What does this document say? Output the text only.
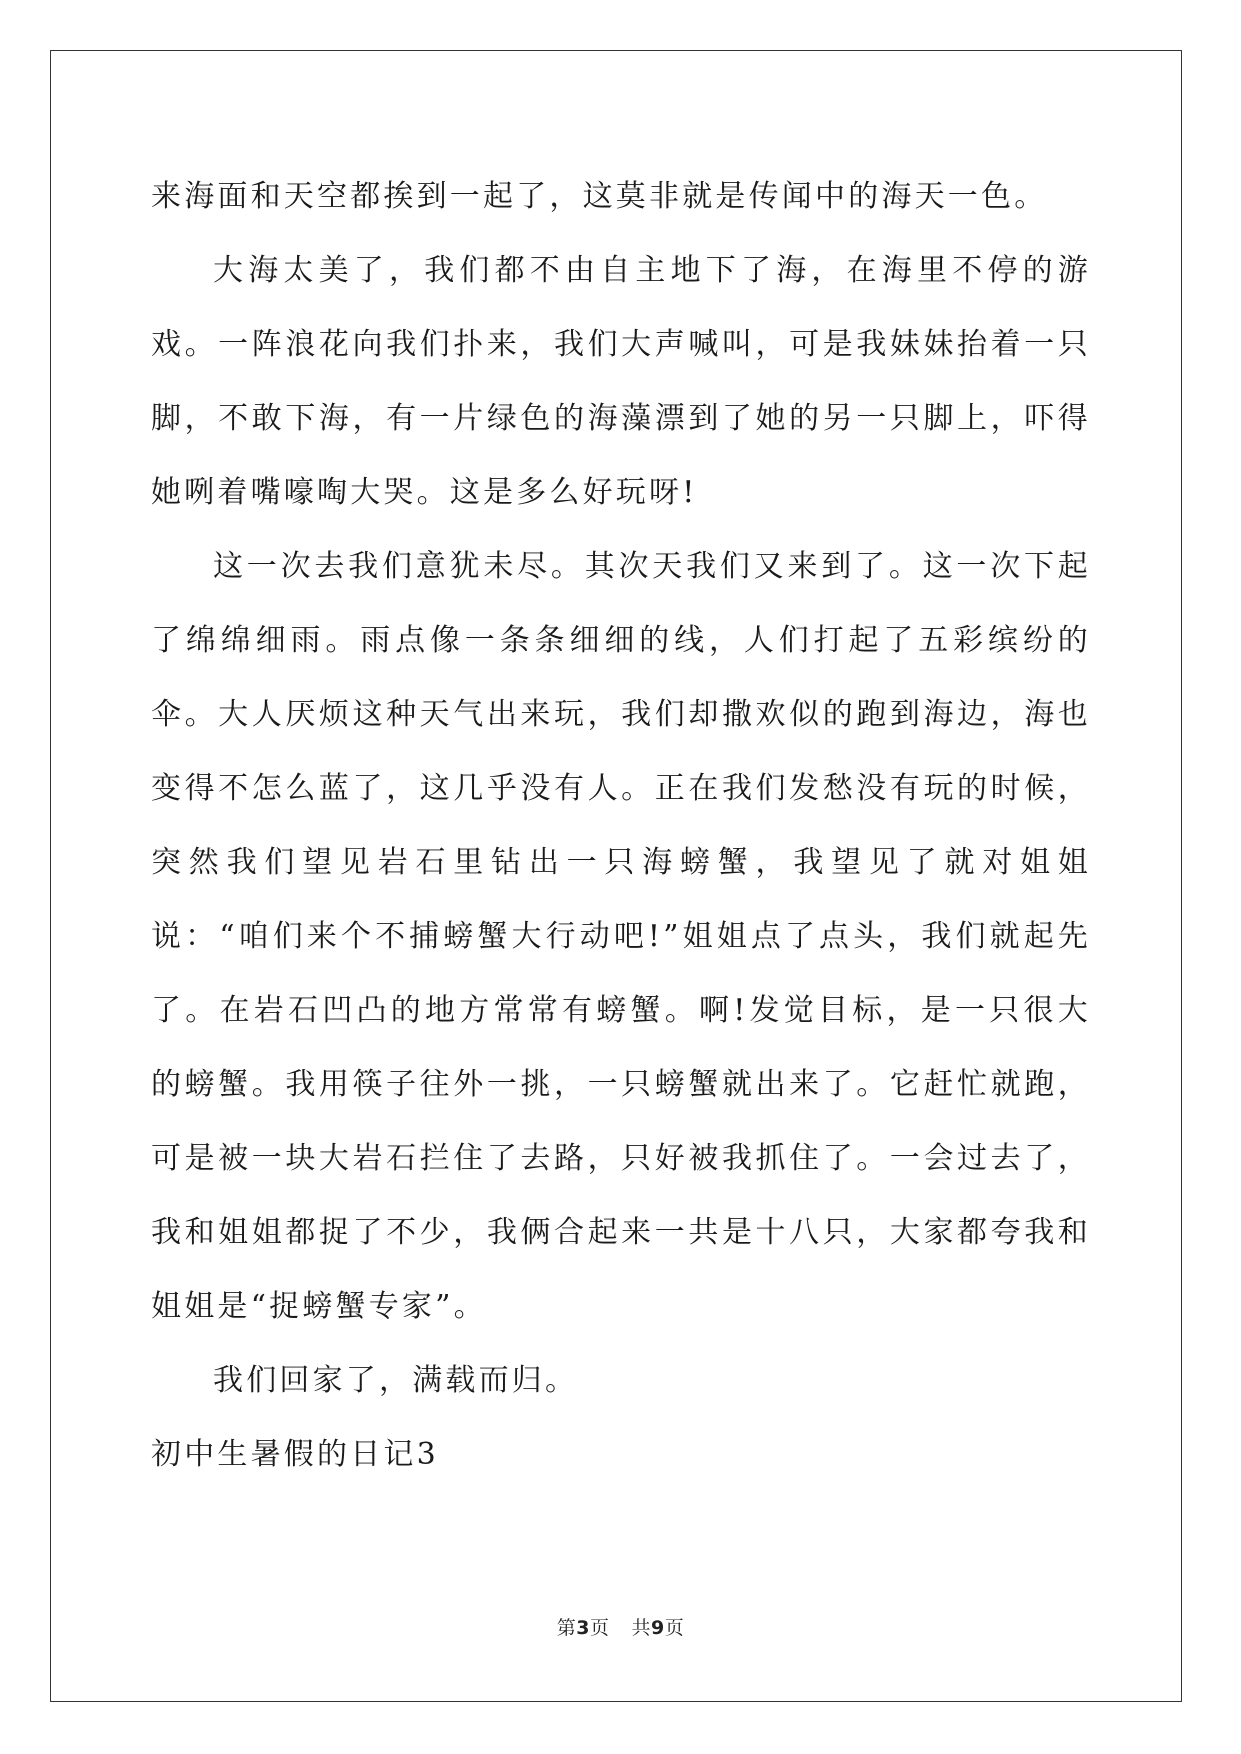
来海面和天空都挨到一起了，这莫非就是传闻中的海天一色。

大海太美了，我们都不由自主地下了海，在海里不停的游戏。一阵浪花向我们扑来，我们大声喊叫，可是我妹妹抬着一只脚，不敢下海，有一片绿色的海藻漂到了她的另一只脚上，吓得她咧着嘴嚎啕大哭。这是多么好玩呀!

这一次去我们意犹未尽。其次天我们又来到了。这一次下起了绵绵细雨。雨点像一条条细细的线，人们打起了五彩缤纷的伞。大人厌烦这种天气出来玩，我们却撒欢似的跑到海边，海也变得不怎么蓝了，这几乎没有人。正在我们发愁没有玩的时候，突然我们望见岩石里钻出一只海螃蟹，我望见了就对姐姐说：“咱们来个不捕螃蟹大行动吧!”姐姐点了点头，我们就起先了。在岩石凹凸的地方常常有螃蟹。啊!发觉目标，是一只很大的螃蟹。我用筷子往外一挑，一只螃蟹就出来了。它赶忙就跑，可是被一块大岩石拦住了去路，只好被我抓住了。一会过去了，我和姐姐都捉了不少，我俩合起来一共是十八只，大家都夸我和姐姐是“捉螃蟹专家”。

我们回家了，满载而归。

初中生暑假的日记3
第3页 共9页
